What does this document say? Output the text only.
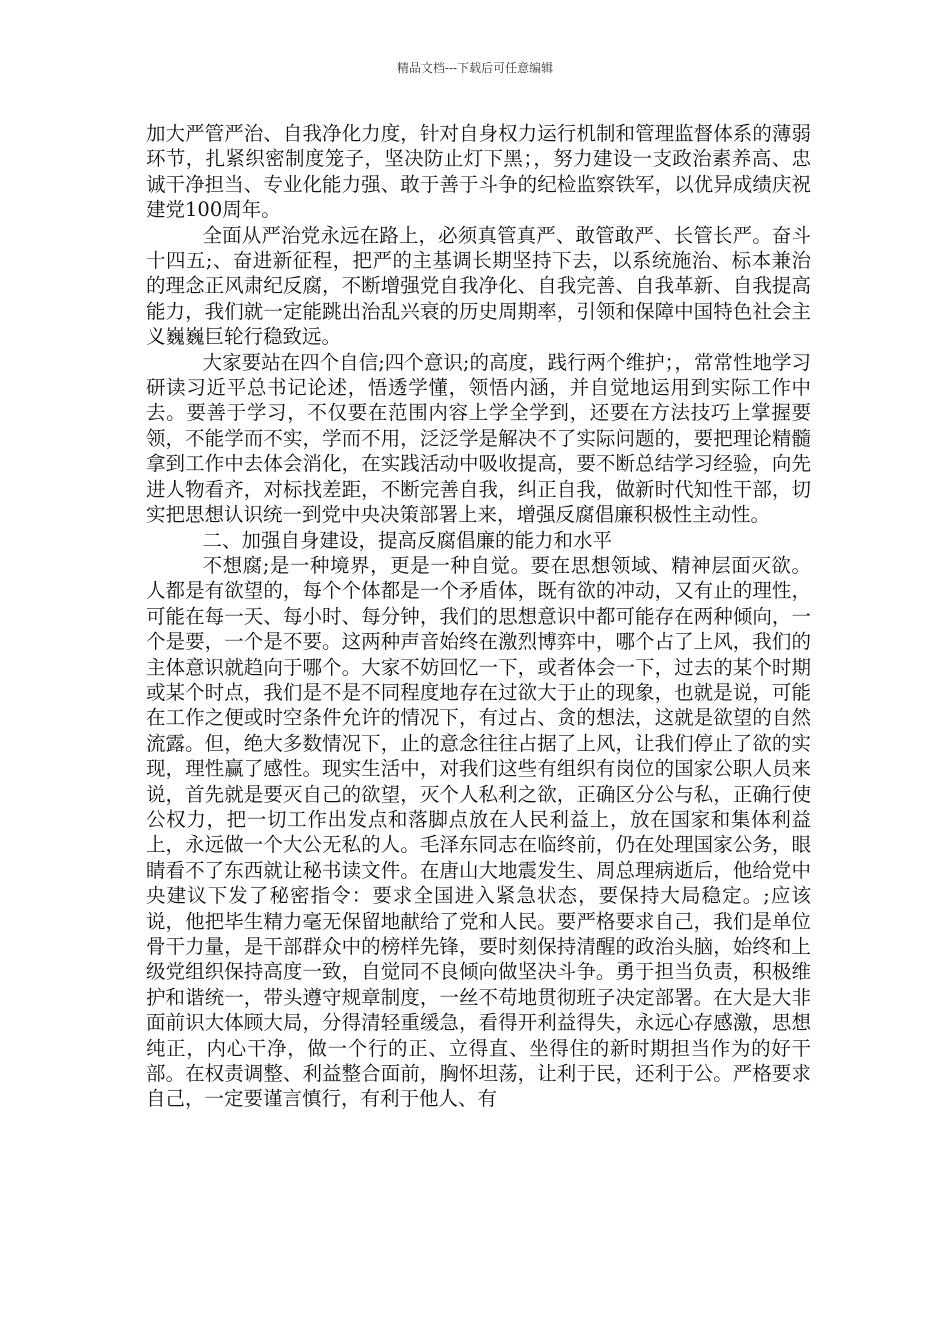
精品文档---下载后可任意编辑

加大严管严治、自我净化力度，针对自身权力运行机制和管理监督体系的薄弱环节，扎紧织密制度笼子，坚决防止灯下黑；，努力建设一支政治素养高、忠诚干净担当、专业化能力强、敢于善于斗争的纪检监察铁军，以优异成绩庆祝建党100周年。

全面从严治党永远在路上，必须真管真严、敢管敢严、长管长严。奋斗十四五;、奋进新征程，把严的主基调长期坚持下去，以系统施治、标本兼治的理念正风肃纪反腐，不断增强党自我净化、自我完善、自我革新、自我提高能力，我们就一定能跳出治乱兴衰的历史周期率，引领和保障中国特色社会主义巍巍巨轮行稳致远。

大家要站在四个自信;四个意识;的高度，践行两个维护；，常常性地学习研读习近平总书记论述，悟透学懂，领悟内涵，并自觉地运用到实际工作中去。要善于学习，不仅要在范围内容上学全学到，还要在方法技巧上掌握要领，不能学而不实，学而不用，泛泛学是解决不了实际问题的，要把理论精髓拿到工作中去体会消化，在实践活动中吸收提高，要不断总结学习经验，向先进人物看齐，对标找差距，不断完善自我，纠正自我，做新时代知性干部，切实把思想认识统一到党中央决策部署上来，增强反腐倡廉积极性主动性。

二、加强自身建设，提高反腐倡廉的能力和水平

不想腐;是一种境界，更是一种自觉。要在思想领域、精神层面灭欲。人都是有欲望的，每个个体都是一个矛盾体，既有欲的冲动，又有止的理性，可能在每一天、每小时、每分钟，我们的思想意识中都可能存在两种倾向，一个是要，一个是不要。这两种声音始终在激烈博弈中，哪个占了上风，我们的主体意识就趋向于哪个。大家不妨回忆一下，或者体会一下，过去的某个时期或某个时点，我们是不是不同程度地存在过欲大于止的现象，也就是说，可能在工作之便或时空条件允许的情况下，有过占、贪的想法，这就是欲望的自然流露。但，绝大多数情况下，止的意念往往占据了上风，让我们停止了欲的实现，理性赢了感性。现实生活中，对我们这些有组织有岗位的国家公职人员来说，首先就是要灭自己的欲望，灭个人私利之欲，正确区分公与私，正确行使公权力，把一切工作出发点和落脚点放在人民利益上，放在国家和集体利益上，永远做一个大公无私的人。毛泽东同志在临终前，仍在处理国家公务，眼睛看不了东西就让秘书读文件。在唐山大地震发生、周总理病逝后，他给党中央建议下发了秘密指令：要求全国进入紧急状态，要保持大局稳定。;应该说，他把毕生精力毫无保留地献给了党和人民。要严格要求自己，我们是单位骨干力量，是干部群众中的榜样先锋，要时刻保持清醒的政治头脑，始终和上级党组织保持高度一致，自觉同不良倾向做坚决斗争。勇于担当负责，积极维护和谐统一，带头遵守规章制度，一丝不苟地贯彻班子决定部署。在大是大非面前识大体顾大局，分得清轻重缓急，看得开利益得失，永远心存感激，思想纯正，内心干净，做一个行的正、立得直、坐得住的新时期担当作为的好干部。在权责调整、利益整合面前，胸怀坦荡，让利于民，还利于公。严格要求自己，一定要谨言慎行，有利于他人、有
